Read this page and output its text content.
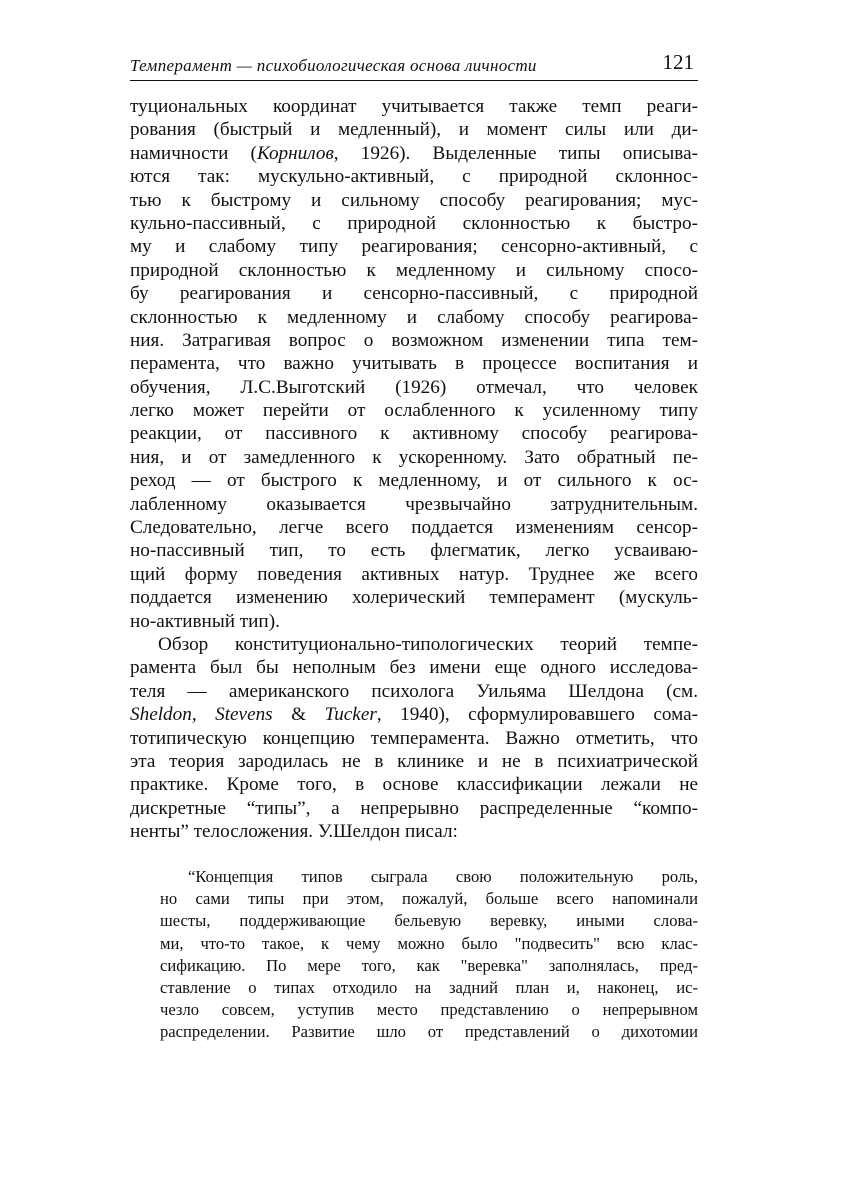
Темперамент — психобиологическая основа личности	121
туциональных координат учитывается также темп реаги-
рования (быстрый и медленный), и момент силы или ди-
намичности (Корнилов, 1926). Выделенные типы описыва-
ются так: мускульно-активный, с природной склоннос-
тью к быстрому и сильному способу реагирования; мус-
кульно-пассивный, с природной склонностью к быстро-
му и слабому типу реагирования; сенсорно-активный, с
природной склонностью к медленному и сильному спосо-
бу реагирования и сенсорно-пассивный, с природной
склонностью к медленному и слабому способу реагирова-
ния. Затрагивая вопрос о возможном изменении типа тем-
перамента, что важно учитывать в процессе воспитания и
обучения, Л.С.Выготский (1926) отмечал, что человек
легко может перейти от ослабленного к усиленному типу
реакции, от пассивного к активному способу реагирова-
ния, и от замедленного к ускоренному. Зато обратный пе-
реход — от быстрого к медленному, и от сильного к ос-
лабленному оказывается чрезвычайно затруднительным.
Следовательно, легче всего поддается изменениям сенсор-
но-пассивный тип, то есть флегматик, легко усваиваю-
щий форму поведения активных натур. Труднее же всего
поддается изменению холерический темперамент (мускуль-
но-активный тип).
Обзор конституционально-типологических теорий темпе-
рамента был бы неполным без имени еще одного исследова-
теля — американского психолога Уильяма Шелдона (см.
Sheldon, Stevens & Tucker, 1940), сформулировавшего сома-
тотипическую концепцию темперамента. Важно отметить, что
эта теория зародилась не в клинике и не в психиатрической
практике. Кроме того, в основе классификации лежали не
дискретные “типы”, а непрерывно распределенные “компо-
ненты” телосложения. У.Шелдон писал:
“Концепция типов сыграла свою положительную роль,
но сами типы при этом, пожалуй, больше всего напоминали
шесты, поддерживающие бельевую веревку, иными слова-
ми, что-то такое, к чему можно было "подвесить" всю клас-
сификацию. По мере того, как "веревка" заполнялась, пред-
ставление о типах отходило на задний план и, наконец, ис-
чезло совсем, уступив место представлению о непрерывном
распределении. Развитие шло от представлений о дихотомии
